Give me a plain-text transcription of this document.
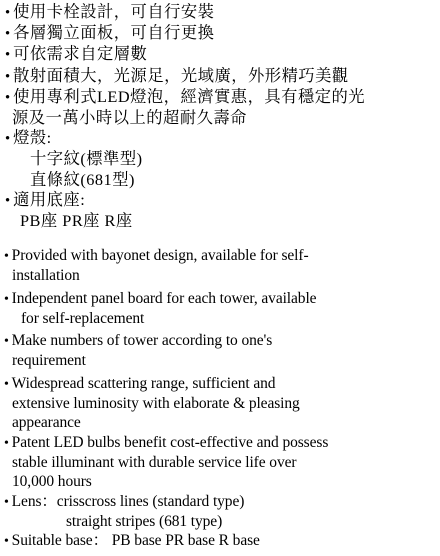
• 使用卡栓設計，可自行安裝
• 各層獨立面板，可自行更換
• 可依需求自定層數
• 散射面積大，光源足，光域廣，外形精巧美觀
• 使用專利式LED燈泡，經濟實惠，具有穩定的光
源及一萬小時以上的超耐久壽命
• 燈殼:
十字紋(標準型)
直條紋(681型)
• 適用底座:
PB座 PR座 R座
• Provided with bayonet design, available for self-
installation
• Independent panel board for each tower, available
for self-replacement
• Make numbers of tower according to one's
requirement
• Widespread scattering range, sufficient and
extensive luminosity with elaborate & pleasing
appearance
• Patent LED bulbs benefit cost-effective and possess
stable illuminant with durable service life over
10,000 hours
• Lens：crisscross lines (standard type)
straight stripes (681 type)
• Suitable base： PB base PR base R base
